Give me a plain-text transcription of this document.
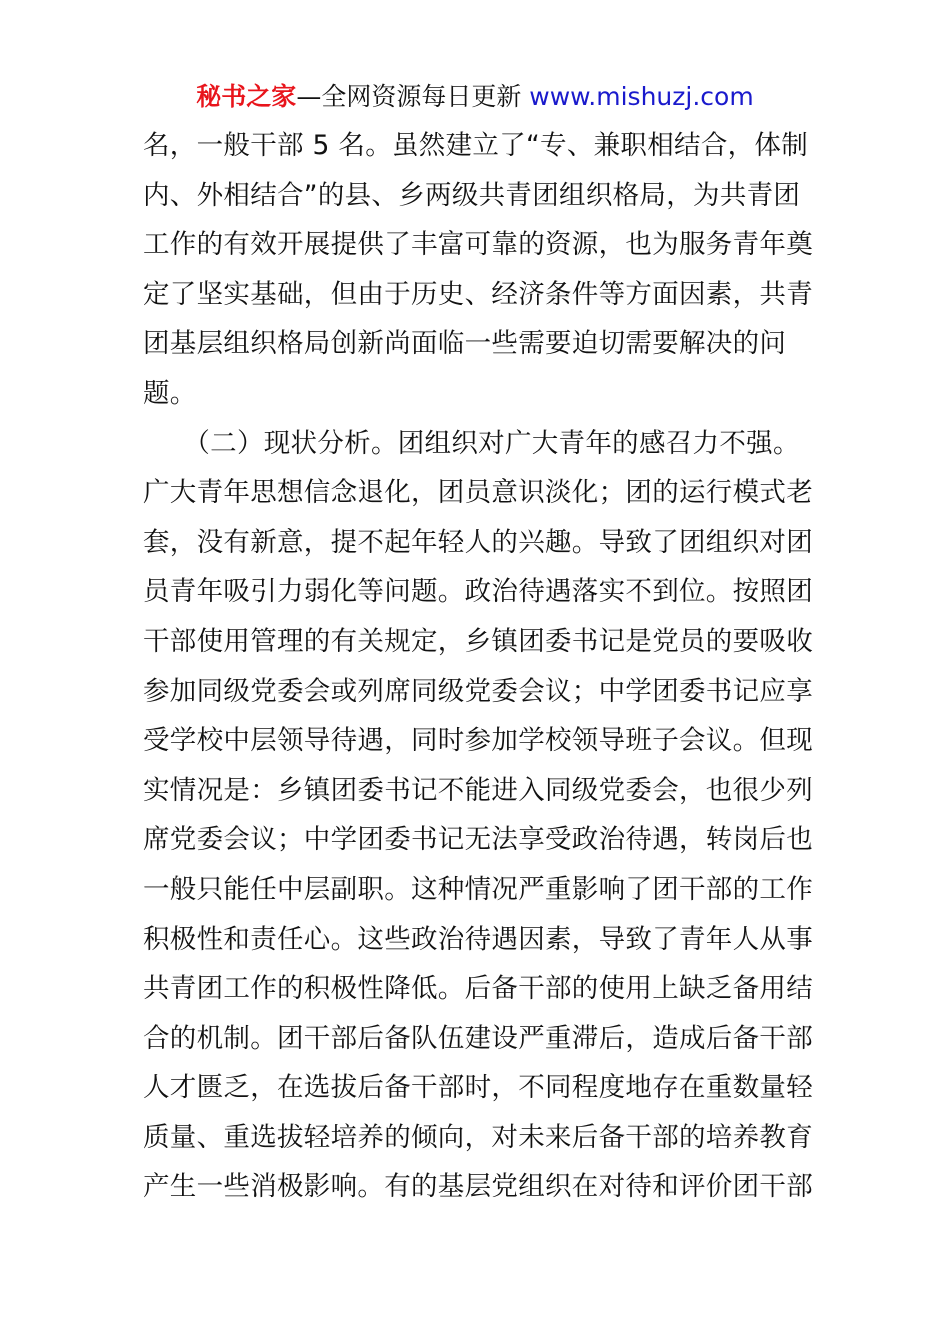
秘书之家—全网资源每日更新 www.mishuzj.com
名，一般干部 5 名。虽然建立了“专、兼职相结合，体制
内、外相结合”的县、乡两级共青团组织格局，为共青团
工作的有效开展提供了丰富可靠的资源，也为服务青年奠
定了坚实基础，但由于历史、经济条件等方面因素，共青
团基层组织格局创新尚面临一些需要迫切需要解决的问
题。
　　（二）现状分析。团组织对广大青年的感召力不强。
广大青年思想信念退化，团员意识淡化；团的运行模式老
套，没有新意，提不起年轻人的兴趣。导致了团组织对团
员青年吸引力弱化等问题。政治待遇落实不到位。按照团
干部使用管理的有关规定，乡镇团委书记是党员的要吸收
参加同级党委会或列席同级党委会议；中学团委书记应享
受学校中层领导待遇，同时参加学校领导班子会议。但现
实情况是：乡镇团委书记不能进入同级党委会，也很少列
席党委会议；中学团委书记无法享受政治待遇，转岗后也
一般只能任中层副职。这种情况严重影响了团干部的工作
积极性和责任心。这些政治待遇因素，导致了青年人从事
共青团工作的积极性降低。后备干部的使用上缺乏备用结
合的机制。团干部后备队伍建设严重滞后，造成后备干部
人才匮乏，在选拔后备干部时，不同程度地存在重数量轻
质量、重选拔轻培养的倾向，对未来后备干部的培养教育
产生一些消极影响。有的基层党组织在对待和评价团干部
